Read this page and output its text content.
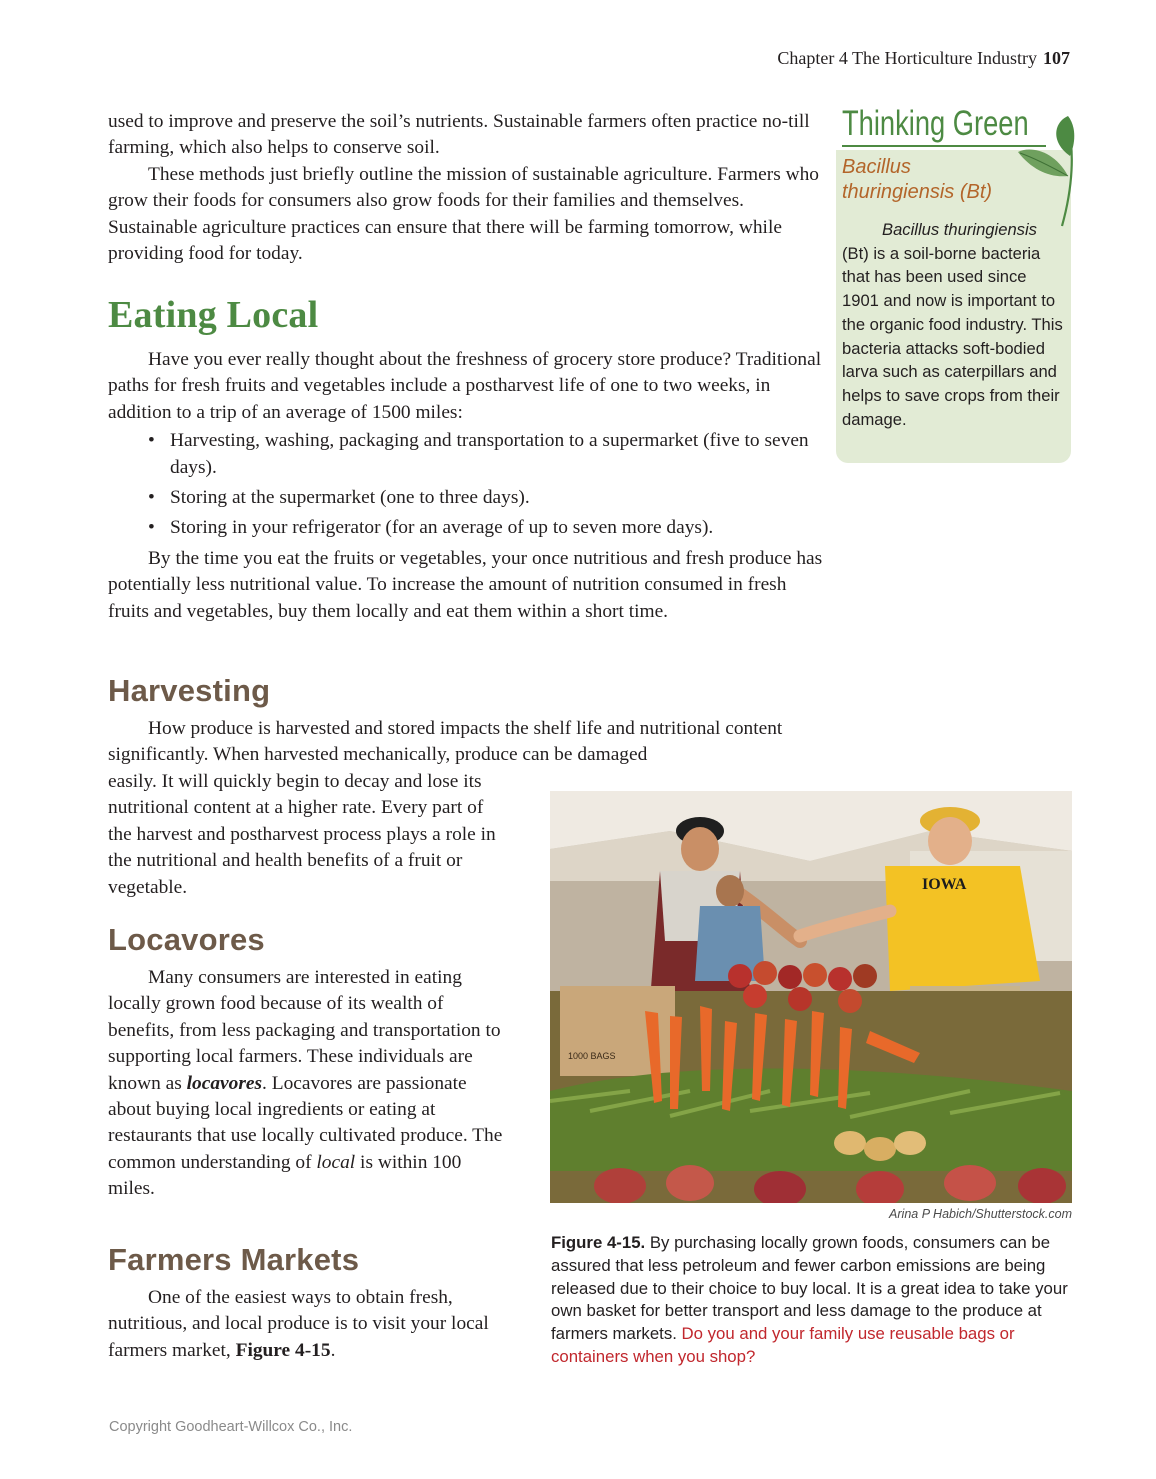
Chapter 4 The Horticulture Industry 107

used to improve and preserve the soil’s nutrients. Sustainable farmers often practice no-till farming, which also helps to conserve soil.

These methods just briefly outline the mission of sustainable agriculture. Farmers who grow their foods for consumers also grow foods for their families and themselves. Sustainable agriculture practices can ensure that there will be farming tomorrow, while providing food for today.

Eating Local

Have you ever really thought about the freshness of grocery store produce? Traditional paths for fresh fruits and vegetables include a postharvest life of one to two weeks, in addition to a trip of an average of 1500 miles:

• Harvesting, washing, packaging and transportation to a supermarket (five to seven days).
• Storing at the supermarket (one to three days).
• Storing in your refrigerator (for an average of up to seven more days).

By the time you eat the fruits or vegetables, your once nutritious and fresh produce has potentially less nutritional value. To increase the amount of nutrition consumed in fresh fruits and vegetables, buy them locally and eat them within a short time.

Harvesting

How produce is harvested and stored impacts the shelf life and nutritional content significantly. When harvested mechanically, produce can be damaged

easily. It will quickly begin to decay and lose its nutritional content at a higher rate. Every part of the harvest and postharvest process plays a role in the nutritional and health benefits of a fruit or vegetable.

Locavores

Many consumers are interested in eating locally grown food because of its wealth of benefits, from less packaging and transportation to supporting local farmers. These individuals are known as locavores. Locavores are passionate about buying local ingredients or eating at restaurants that use locally cultivated produce. The common understanding of local is within 100 miles.

Farmers Markets

One of the easiest ways to obtain fresh, nutritious, and local produce is to visit your local farmers market, Figure 4-15.

Thinking Green

Bacillus
thuringiensis (Bt)

Bacillus thuringiensis
(Bt) is a soil-borne bacteria that has been used since 1901 and now is important to the organic food industry. This bacteria attacks soft-bodied larva such as caterpillars and helps to save crops from their damage.

IOWA
1000 BAGS
Arina P Habich/Shutterstock.com

Figure 4-15. By purchasing locally grown foods, consumers can be assured that less petroleum and fewer carbon emissions are being released due to their choice to buy local. It is a great idea to take your own basket for better transport and less damage to the produce at farmers markets. Do you and your family use reusable bags or containers when you shop?

Copyright Goodheart-Willcox Co., Inc.
